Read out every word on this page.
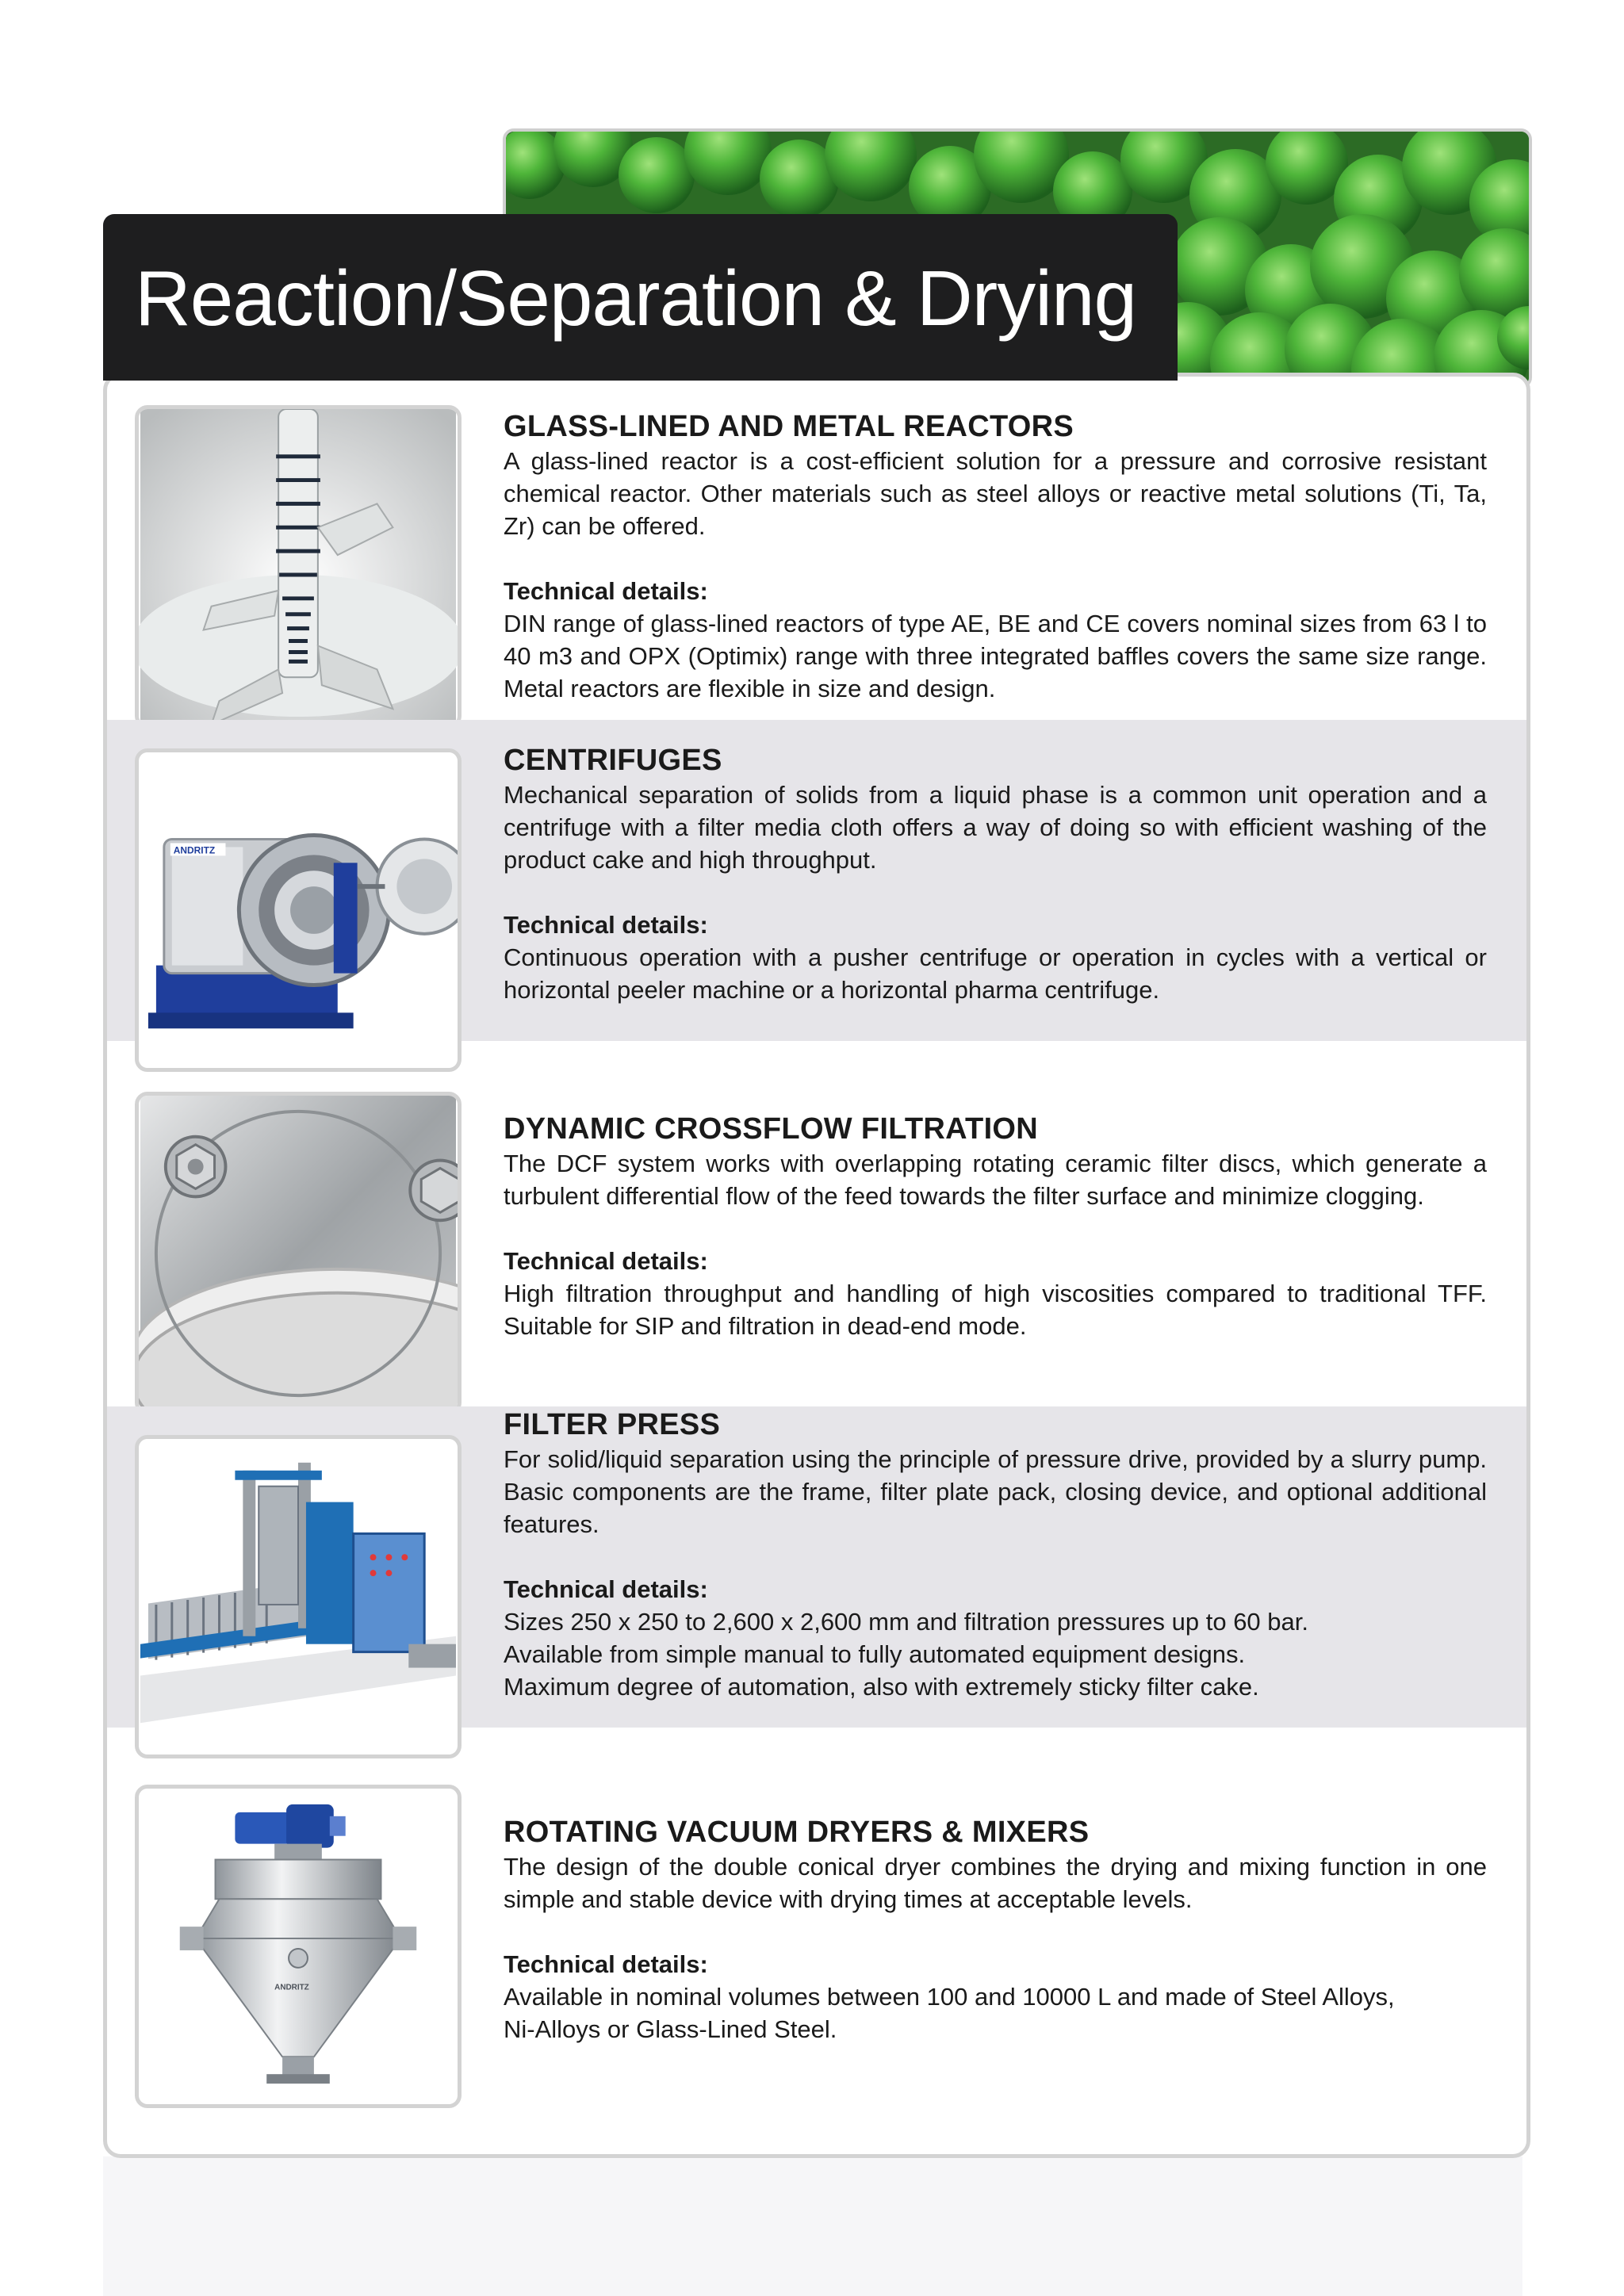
Reaction/Separation & Drying
GLASS-LINED AND METAL REACTORS

A glass-lined reactor is a cost-efficient solution for a pressure and corrosive resistant chemical reactor. Other materials such as steel alloys or reactive metal solutions (Ti, Ta, Zr) can be offered.

Technical details:

DIN range of glass-lined reactors of type AE, BE and CE covers nominal sizes from 63 l to 40 m3 and OPX (Optimix) range with three integrated baffles covers the same size range. Metal reactors are flexible in size and design.

ANDRITZ
CENTRIFUGES

Mechanical separation of solids from a liquid phase is a common unit operation and a centrifuge with a filter media cloth offers a way of doing so with efficient washing of the product cake and high throughput.

Technical details:

Continuous operation with a pusher centrifuge or operation in cycles with a vertical or horizontal peeler machine or a horizontal pharma centrifuge.

DYNAMIC CROSSFLOW FILTRATION

The DCF system works with overlapping rotating ceramic filter discs, which generate a turbulent differential flow of the feed towards the filter surface and minimize clogging.

Technical details:

High filtration throughput and handling of high viscosities compared to traditional TFF. Suitable for SIP and filtration in dead-end mode.

FILTER PRESS

For solid/liquid separation using the principle of pressure drive, provided by a slurry pump. Basic components are the frame, filter plate pack, closing device, and optional additional features.

Technical details:

Sizes 250 x 250 to 2,600 x 2,600 mm and filtration pressures up to 60 bar.

Available from simple manual to fully automated equipment designs.

Maximum degree of automation, also with extremely sticky filter cake.

ANDRITZ
ROTATING VACUUM DRYERS & MIXERS

The design of the double conical dryer combines the drying and mixing function in one simple and stable device with drying times at acceptable levels.

Technical details:

Available in nominal volumes between 100 and 10000 L and made of Steel Alloys,

Ni-Alloys or Glass-Lined Steel.
